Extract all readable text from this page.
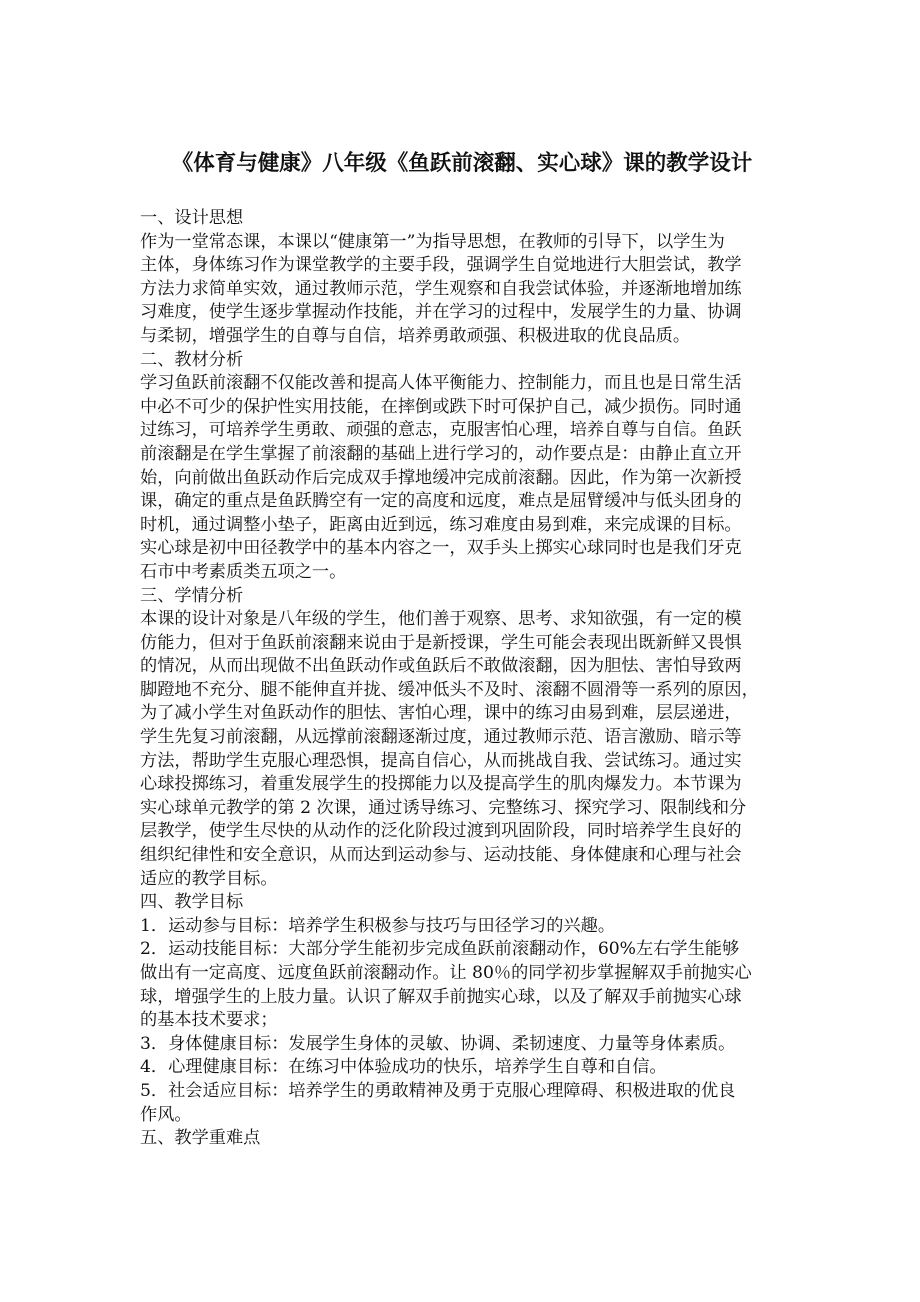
《体育与健康》八年级《鱼跃前滚翻、实心球》课的教学设计
一、设计思想
作为一堂常态课，本课以“健康第一”为指导思想，在教师的引导下，以学生为
主体，身体练习作为课堂教学的主要手段，强调学生自觉地进行大胆尝试，教学
方法力求简单实效，通过教师示范，学生观察和自我尝试体验，并逐渐地增加练
习难度，使学生逐步掌握动作技能，并在学习的过程中，发展学生的力量、协调
与柔韧，增强学生的自尊与自信，培养勇敢顽强、积极进取的优良品质。
二、教材分析
学习鱼跃前滚翻不仅能改善和提高人体平衡能力、控制能力，而且也是日常生活
中必不可少的保护性实用技能，在摔倒或跌下时可保护自己，减少损伤。同时通
过练习，可培养学生勇敢、顽强的意志，克服害怕心理，培养自尊与自信。鱼跃
前滚翻是在学生掌握了前滚翻的基础上进行学习的，动作要点是：由静止直立开
始，向前做出鱼跃动作后完成双手撑地缓冲完成前滚翻。因此，作为第一次新授
课，确定的重点是鱼跃腾空有一定的高度和远度，难点是屈臂缓冲与低头团身的
时机，通过调整小垫子，距离由近到远，练习难度由易到难，来完成课的目标。
实心球是初中田径教学中的基本内容之一，双手头上掷实心球同时也是我们牙克
石市中考素质类五项之一。
三、学情分析
本课的设计对象是八年级的学生，他们善于观察、思考、求知欲强，有一定的模
仿能力，但对于鱼跃前滚翻来说由于是新授课，学生可能会表现出既新鲜又畏惧
的情况，从而出现做不出鱼跃动作或鱼跃后不敢做滚翻，因为胆怯、害怕导致两
脚蹬地不充分、腿不能伸直并拢、缓冲低头不及时、滚翻不圆滑等一系列的原因，
为了减小学生对鱼跃动作的胆怯、害怕心理，课中的练习由易到难，层层递进，
学生先复习前滚翻，从远撑前滚翻逐渐过度，通过教师示范、语言激励、暗示等
方法，帮助学生克服心理恐惧，提高自信心，从而挑战自我、尝试练习。通过实
心球投掷练习，着重发展学生的投掷能力以及提高学生的肌肉爆发力。本节课为
实心球单元教学的第 2 次课，通过诱导练习、完整练习、探究学习、限制线和分
层教学，使学生尽快的从动作的泛化阶段过渡到巩固阶段，同时培养学生良好的
组织纪律性和安全意识，从而达到运动参与、运动技能、身体健康和心理与社会
适应的教学目标。
四、教学目标
1．运动参与目标：培养学生积极参与技巧与田径学习的兴趣。
2．运动技能目标：大部分学生能初步完成鱼跃前滚翻动作，60%左右学生能够
做出有一定高度、远度鱼跃前滚翻动作。让 80％的同学初步掌握解双手前抛实心
球，增强学生的上肢力量。认识了解双手前抛实心球，以及了解双手前抛实心球
的基本技术要求；
3．身体健康目标：发展学生身体的灵敏、协调、柔韧速度、力量等身体素质。
4．心理健康目标：在练习中体验成功的快乐，培养学生自尊和自信。
5．社会适应目标：培养学生的勇敢精神及勇于克服心理障碍、积极进取的优良
作风。
五、教学重难点
